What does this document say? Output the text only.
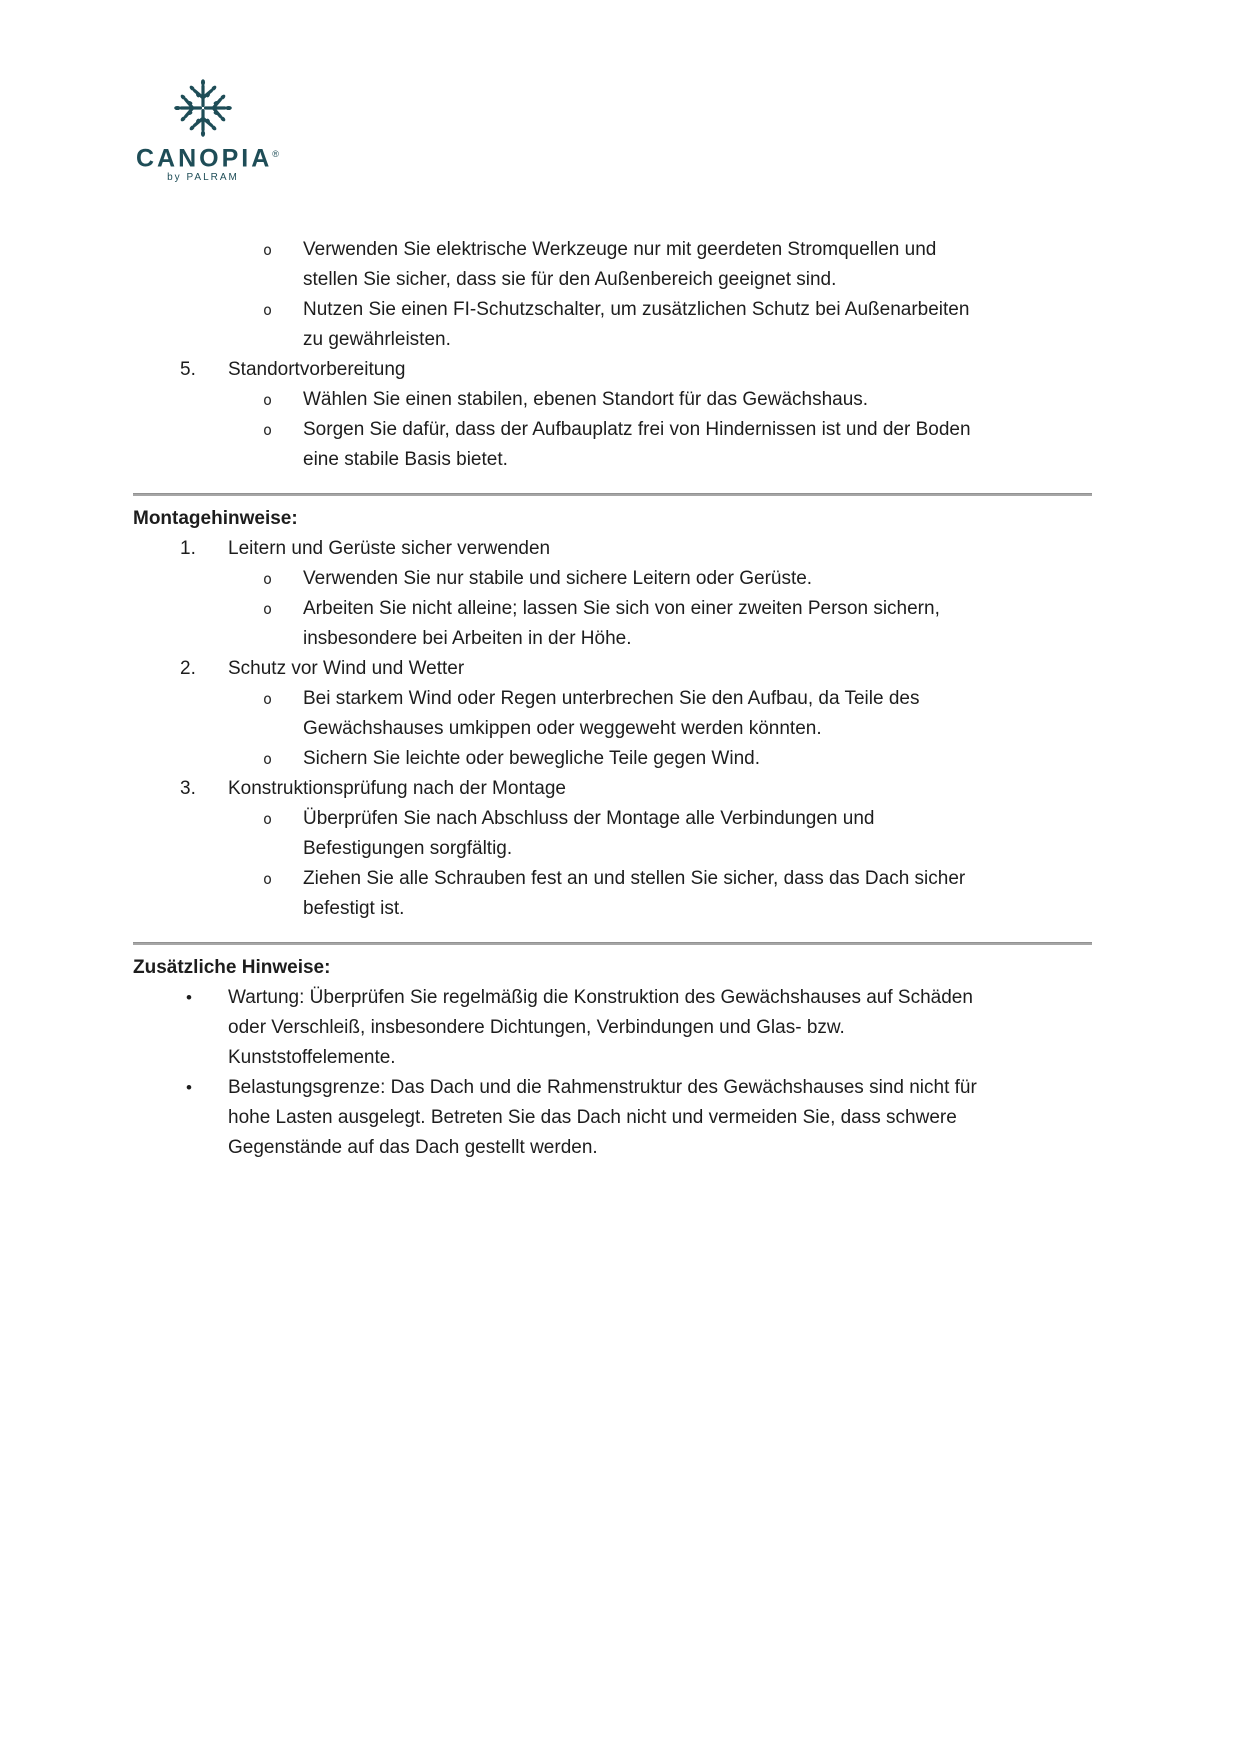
CANOPIA®
by PALRAM
o Verwenden Sie elektrische Werkzeuge nur mit geerdeten Stromquellen und stellen Sie sicher, dass sie für den Außenbereich geeignet sind.
o Nutzen Sie einen FI-Schutzschalter, um zusätzlichen Schutz bei Außenarbeiten zu gewährleisten.
5. Standortvorbereitung
o Wählen Sie einen stabilen, ebenen Standort für das Gewächshaus.
o Sorgen Sie dafür, dass der Aufbauplatz frei von Hindernissen ist und der Boden eine stabile Basis bietet.
Montagehinweise:
1. Leitern und Gerüste sicher verwenden
o Verwenden Sie nur stabile und sichere Leitern oder Gerüste.
o Arbeiten Sie nicht alleine; lassen Sie sich von einer zweiten Person sichern, insbesondere bei Arbeiten in der Höhe.
2. Schutz vor Wind und Wetter
o Bei starkem Wind oder Regen unterbrechen Sie den Aufbau, da Teile des Gewächshauses umkippen oder weggeweht werden könnten.
o Sichern Sie leichte oder bewegliche Teile gegen Wind.
3. Konstruktionsprüfung nach der Montage
o Überprüfen Sie nach Abschluss der Montage alle Verbindungen und Befestigungen sorgfältig.
o Ziehen Sie alle Schrauben fest an und stellen Sie sicher, dass das Dach sicher befestigt ist.
Zusätzliche Hinweise:
• Wartung: Überprüfen Sie regelmäßig die Konstruktion des Gewächshauses auf Schäden oder Verschleiß, insbesondere Dichtungen, Verbindungen und Glas- bzw. Kunststoffelemente.
• Belastungsgrenze: Das Dach und die Rahmenstruktur des Gewächshauses sind nicht für hohe Lasten ausgelegt. Betreten Sie das Dach nicht und vermeiden Sie, dass schwere Gegenstände auf das Dach gestellt werden.
